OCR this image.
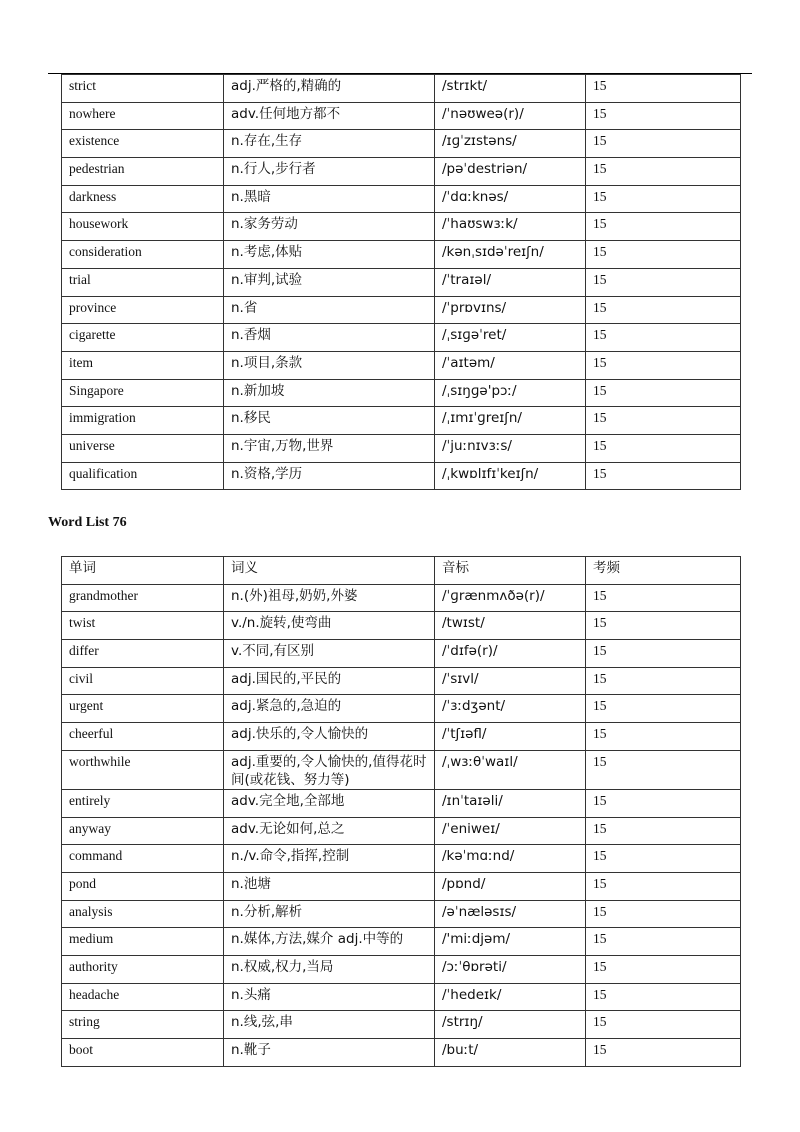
strict	adj.严格的,精确的	/strɪkt/	15
nowhere	adv.任何地方都不	/ˈnəʊweə(r)/	15
existence	n.存在,生存	/ɪɡˈzɪstəns/	15
pedestrian	n.行人,步行者	/pəˈdestriən/	15
darkness	n.黑暗	/ˈdɑːknəs/	15
housework	n.家务劳动	/ˈhaʊswɜːk/	15
consideration	n.考虑,体贴	/kənˌsɪdəˈreɪʃn/	15
trial	n.审判,试验	/ˈtraɪəl/	15
province	n.省	/ˈprɒvɪns/	15
cigarette	n.香烟	/ˌsɪɡəˈret/	15
item	n.项目,条款	/ˈaɪtəm/	15
Singapore	n.新加坡	/ˌsɪŋɡə'pɔː/	15
immigration	n.移民	/ˌɪmɪˈɡreɪʃn/	15
universe	n.宇宙,万物,世界	/ˈjuːnɪvɜːs/	15
qualification	n.资格,学历	/ˌkwɒlɪfɪˈkeɪʃn/	15
Word List 76
单词	词义	音标	考频
grandmother	n.(外)祖母,奶奶,外婆	/ˈɡrænmʌðə(r)/	15
twist	v./n.旋转,使弯曲	/twɪst/	15
differ	v.不同,有区别	/ˈdɪfə(r)/	15
civil	adj.国民的,平民的	/ˈsɪvl/	15
urgent	adj.紧急的,急迫的	/ˈɜːdʒənt/	15
cheerful	adj.快乐的,令人愉快的	/ˈtʃɪəfl/	15
worthwhile	adj.重要的,令人愉快的,值得花时间(或花钱、努力等)	/ˌwɜːθˈwaɪl/	15
entirely	adv.完全地,全部地	/ɪnˈtaɪəli/	15
anyway	adv.无论如何,总之	/ˈeniweɪ/	15
command	n./v.命令,指挥,控制	/kəˈmɑːnd/	15
pond	n.池塘	/pɒnd/	15
analysis	n.分析,解析	/əˈnæləsɪs/	15
medium	n.媒体,方法,媒介 adj.中等的	/'miːdjəm/	15
authority	n.权威,权力,当局	/ɔːˈθɒrəti/	15
headache	n.头痛	/ˈhedeɪk/	15
string	n.线,弦,串	/strɪŋ/	15
boot	n.靴子	/buːt/	15
